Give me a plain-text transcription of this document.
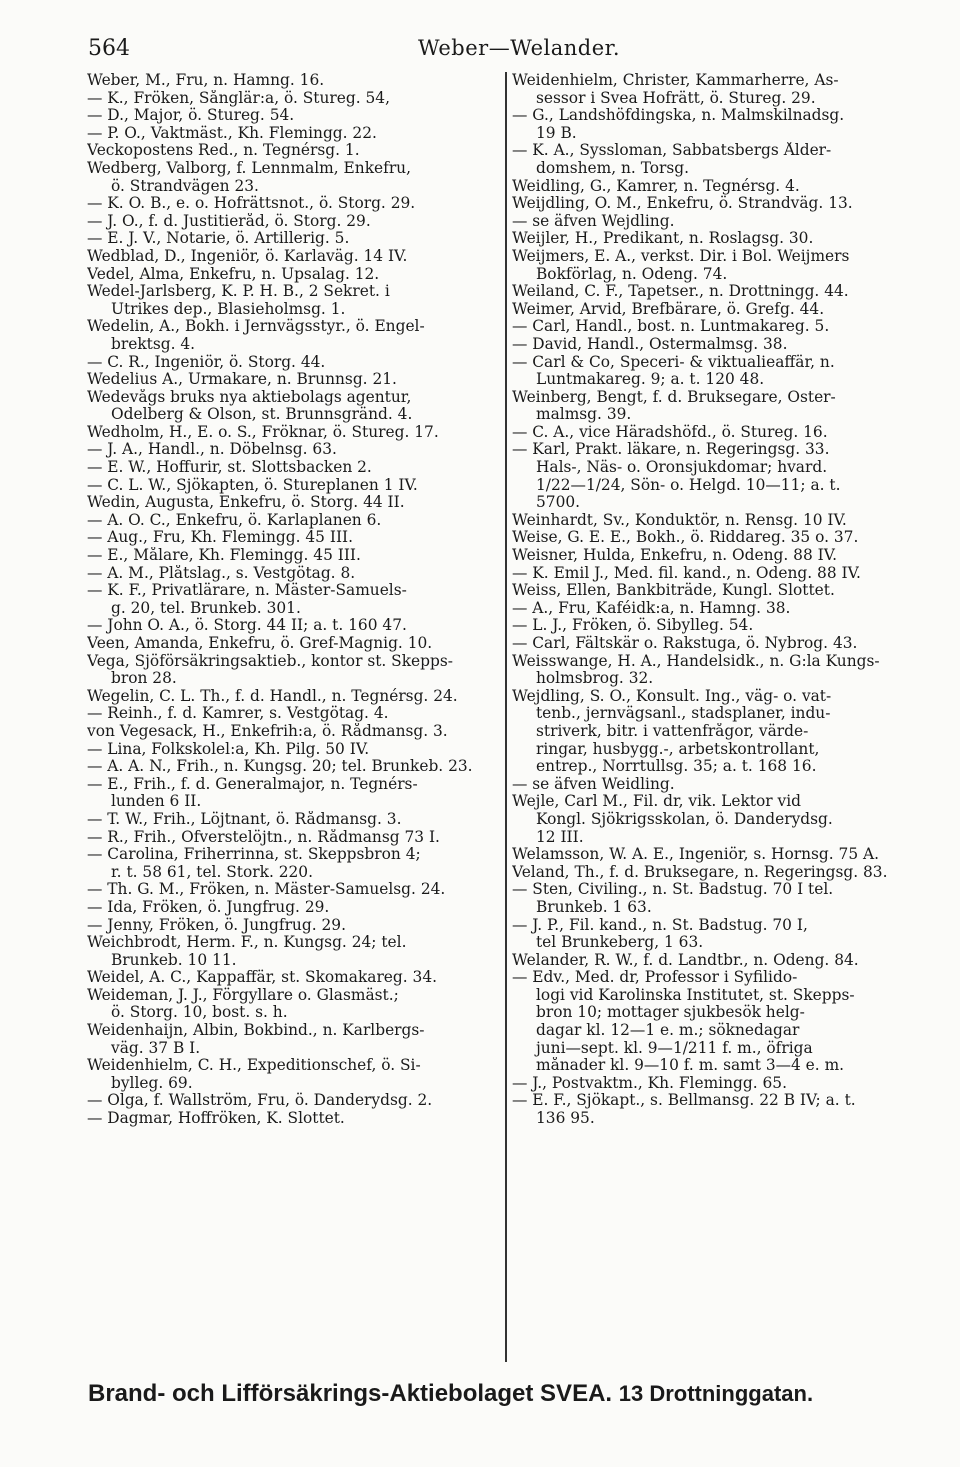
564	Weber—Welander.
Weber, M., Fru, n. Hamng. 16.
— K., Fröken, Sånglär:a, ö. Stureg. 54,
— D., Major, ö. Stureg. 54.
— P. O., Vaktmäst., Kh. Flemingg. 22.
Veckopostens Red., n. Tegnérsg. 1.
Wedberg, Valborg, f. Lennmalm, Enkefru,
ö. Strandvägen 23.
— K. O. B., e. o. Hofrättsnot., ö. Storg. 29.
— J. O., f. d. Justitieråd, ö. Storg. 29.
— E. J. V., Notarie, ö. Artillerig. 5.
Wedblad, D., Ingeniör, ö. Karlaväg. 14 IV.
Vedel, Alma, Enkefru, n. Upsalag. 12.
Wedel-Jarlsberg, K. P. H. B., 2 Sekret. i
Utrikes dep., Blasieholmsg. 1.
Wedelin, A., Bokh. i Jernvägsstyr., ö. Engel-
brektsg. 4.
— C. R., Ingeniör, ö. Storg. 44.
Wedelius A., Urmakare, n. Brunnsg. 21.
Wedevågs bruks nya aktiebolags agentur,
Odelberg & Olson, st. Brunnsgränd. 4.
Wedholm, H., E. o. S., Fröknar, ö. Stureg. 17.
— J. A., Handl., n. Döbelnsg. 63.
— E. W., Hoffurir, st. Slottsbacken 2.
— C. L. W., Sjökapten, ö. Stureplanen 1 IV.
Wedin, Augusta, Enkefru, ö. Storg. 44 II.
— A. O. C., Enkefru, ö. Karlaplanen 6.
— Aug., Fru, Kh. Flemingg. 45 III.
— E., Målare, Kh. Flemingg. 45 III.
— A. M., Plåtslag., s. Vestgötag. 8.
— K. F., Privatlärare, n. Mäster-Samuels-
g. 20, tel. Brunkeb. 301.
— John O. A., ö. Storg. 44 II; a. t. 160 47.
Veen, Amanda, Enkefru, ö. Gref-Magnig. 10.
Vega, Sjöförsäkringsaktieb., kontor st. Skepps-
bron 28.
Wegelin, C. L. Th., f. d. Handl., n. Tegnérsg. 24.
— Reinh., f. d. Kamrer, s. Vestgötag. 4.
von Vegesack, H., Enkefrih:a, ö. Rådmansg. 3.
— Lina, Folkskolel:a, Kh. Pilg. 50 IV.
— A. A. N., Frih., n. Kungsg. 20; tel. Brunkeb. 23.
— E., Frih., f. d. Generalmajor, n. Tegnérs-
lunden 6 II.
— T. W., Frih., Löjtnant, ö. Rådmansg. 3.
— R., Frih., Öfverstelöjtn., n. Rådmansg 73 I.
— Carolina, Friherrinna, st. Skeppsbron 4;
r. t. 58 61, tel. Stork. 220.
— Th. G. M., Fröken, n. Mäster-Samuelsg. 24.
— Ida, Fröken, ö. Jungfrug. 29.
— Jenny, Fröken, ö. Jungfrug. 29.
Weichbrodt, Herm. F., n. Kungsg. 24; tel.
Brunkeb. 10 11.
Weidel, A. C., Kappaffär, st. Skomakareg. 34.
Weideman, J. J., Förgyllare o. Glasmäst.;
ö. Storg. 10, bost. s. h.
Weidenhaijn, Albin, Bokbind., n. Karlbergs-
väg. 37 B I.
Weidenhielm, C. H., Expeditionschef, ö. Si-
bylleg. 69.
— Olga, f. Wallström, Fru, ö. Danderydsg. 2.
— Dagmar, Hoffröken, K. Slottet.
Weidenhielm, Christer, Kammarherre, As-
sessor i Svea Hofrätt, ö. Stureg. 29.
— G., Landshöfdingska, n. Malmskilnadsg.
19 B.
— K. A., Syssloman, Sabbatsbergs Ålder-
domshem, n. Torsg.
Weidling, G., Kamrer, n. Tegnérsg. 4.
Weijdling, O. M., Enkefru, ö. Strandväg. 13.
— se äfven Wejdling.
Weijler, H., Predikant, n. Roslagsg. 30.
Weijmers, E. A., verkst. Dir. i Bol. Weijmers
Bokförlag, n. Odeng. 74.
Weiland, C. F., Tapetser., n. Drottningg. 44.
Weimer, Arvid, Brefbärare, ö. Grefg. 44.
— Carl, Handl., bost. n. Luntmakareg. 5.
— David, Handl., Östermalmsg. 38.
— Carl & Co, Speceri- & viktualieaffär, n.
Luntmakareg. 9; a. t. 120 48.
Weinberg, Bengt, f. d. Bruksegare, Öster-
malmsg. 39.
— C. A., vice Häradshöfd., ö. Stureg. 16.
— Karl, Prakt. läkare, n. Regeringsg. 33.
Hals-, Näs- o. Öronsjukdomar; hvard.
1/22—1/24, Sön- o. Helgd. 10—11; a. t.
5700.
Weinhardt, Sv., Konduktör, n. Rensg. 10 IV.
Weise, G. E. E., Bokh., ö. Riddareg. 35 o. 37.
Weisner, Hulda, Enkefru, n. Odeng. 88 IV.
— K. Emil J., Med. fil. kand., n. Odeng. 88 IV.
Weiss, Ellen, Bankbiträde, Kungl. Slottet.
— A., Fru, Kaféidk:a, n. Hamng. 38.
— L. J., Fröken, ö. Sibylleg. 54.
— Carl, Fältskär o. Rakstuga, ö. Nybrog. 43.
Weisswange, H. A., Handelsidk., n. G:la Kungs-
holmsbrog. 32.
Wejdling, S. O., Konsult. Ing., väg- o. vat-
tenb., jernvägsanl., stadsplaner, indu-
striverk, bitr. i vattenfrågor, värde-
ringar, husbygg.-, arbetskontrollant,
entrep., Norrtullsg. 35; a. t. 168 16.
— se äfven Weidling.
Wejle, Carl M., Fil. dr, vik. Lektor vid
Kongl. Sjökrigsskolan, ö. Danderydsg.
12 III.
Welamsson, W. A. E., Ingeniör, s. Hornsg. 75 A.
Veland, Th., f. d. Bruksegare, n. Regeringsg. 83.
— Sten, Civiling., n. St. Badstug. 70 I tel.
Brunkeb. 1 63.
— J. P., Fil. kand., n. St. Badstug. 70 I,
tel Brunkeberg, 1 63.
Welander, R. W., f. d. Landtbr., n. Odeng. 84.
— Edv., Med. dr, Professor i Syfilido-
logi vid Karolinska Institutet, st. Skepps-
bron 10; mottager sjukbesök helg-
dagar kl. 12—1 e. m.; söknedagar
juni—sept. kl. 9—1/211 f. m., öfriga
månader kl. 9—10 f. m. samt 3—4 e. m.
— J., Postvaktm., Kh. Flemingg. 65.
— E. F., Sjökapt., s. Bellmansg. 22 B IV; a. t.
136 95.
Brand- och Lifförsäkrings-Aktiebolaget SVEA. 13 Drottninggatan.
